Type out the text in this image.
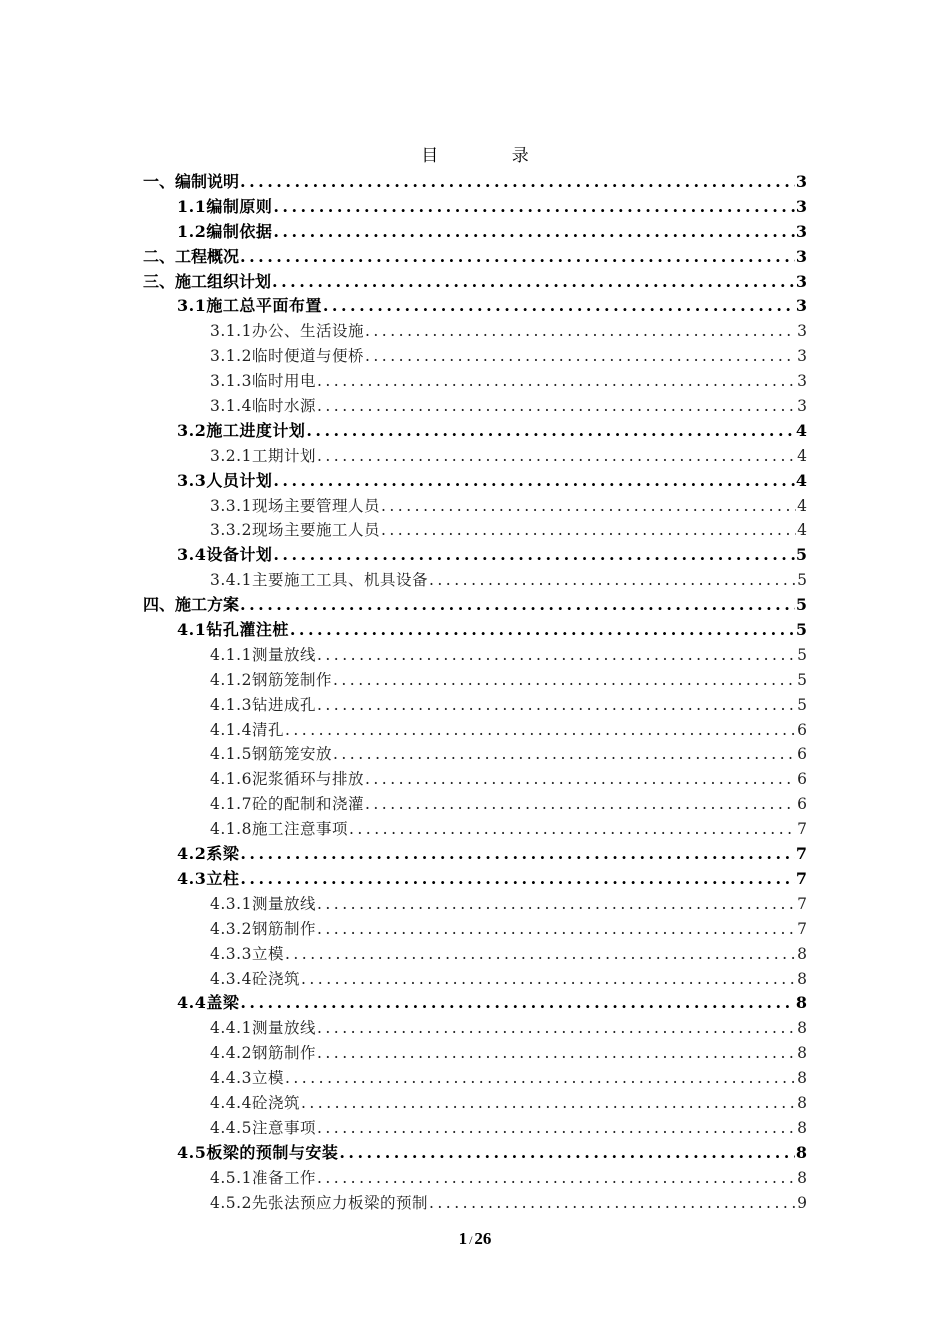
目 录
一、编制说明 .....	3
1.1编制原则 .....	3
1.2编制依据 .....	3
二、工程概况 .....	3
三、施工组织计划 .....	3
3.1施工总平面布置 .....	3
3.1.1办公、生活设施 .....	3
3.1.2临时便道与便桥 .....	3
3.1.3临时用电 .....	3
3.1.4临时水源 .....	3
3.2施工进度计划 .....	4
3.2.1工期计划 .....	4
3.3人员计划 .....	4
3.3.1现场主要管理人员 .....	4
3.3.2现场主要施工人员 .....	4
3.4设备计划 .....	5
3.4.1主要施工工具、机具设备 .....	5
四、施工方案 .....	5
4.1钻孔灌注桩 .....	5
4.1.1测量放线 .....	5
4.1.2钢筋笼制作 .....	5
4.1.3钻进成孔 .....	5
4.1.4清孔 .....	6
4.1.5钢筋笼安放 .....	6
4.1.6泥浆循环与排放 .....	6
4.1.7砼的配制和浇灌 .....	6
4.1.8施工注意事项 .....	7
4.2系梁 .....	7
4.3立柱 .....	7
4.3.1测量放线 .....	7
4.3.2钢筋制作 .....	7
4.3.3立模 .....	8
4.3.4砼浇筑 .....	8
4.4盖梁 .....	8
4.4.1测量放线 .....	8
4.4.2钢筋制作 .....	8
4.4.3立模 .....	8
4.4.4砼浇筑 .....	8
4.4.5注意事项 .....	8
4.5板梁的预制与安装 .....	8
4.5.1准备工作 .....	8
4.5.2先张法预应力板梁的预制 .....	9
1 / 26
